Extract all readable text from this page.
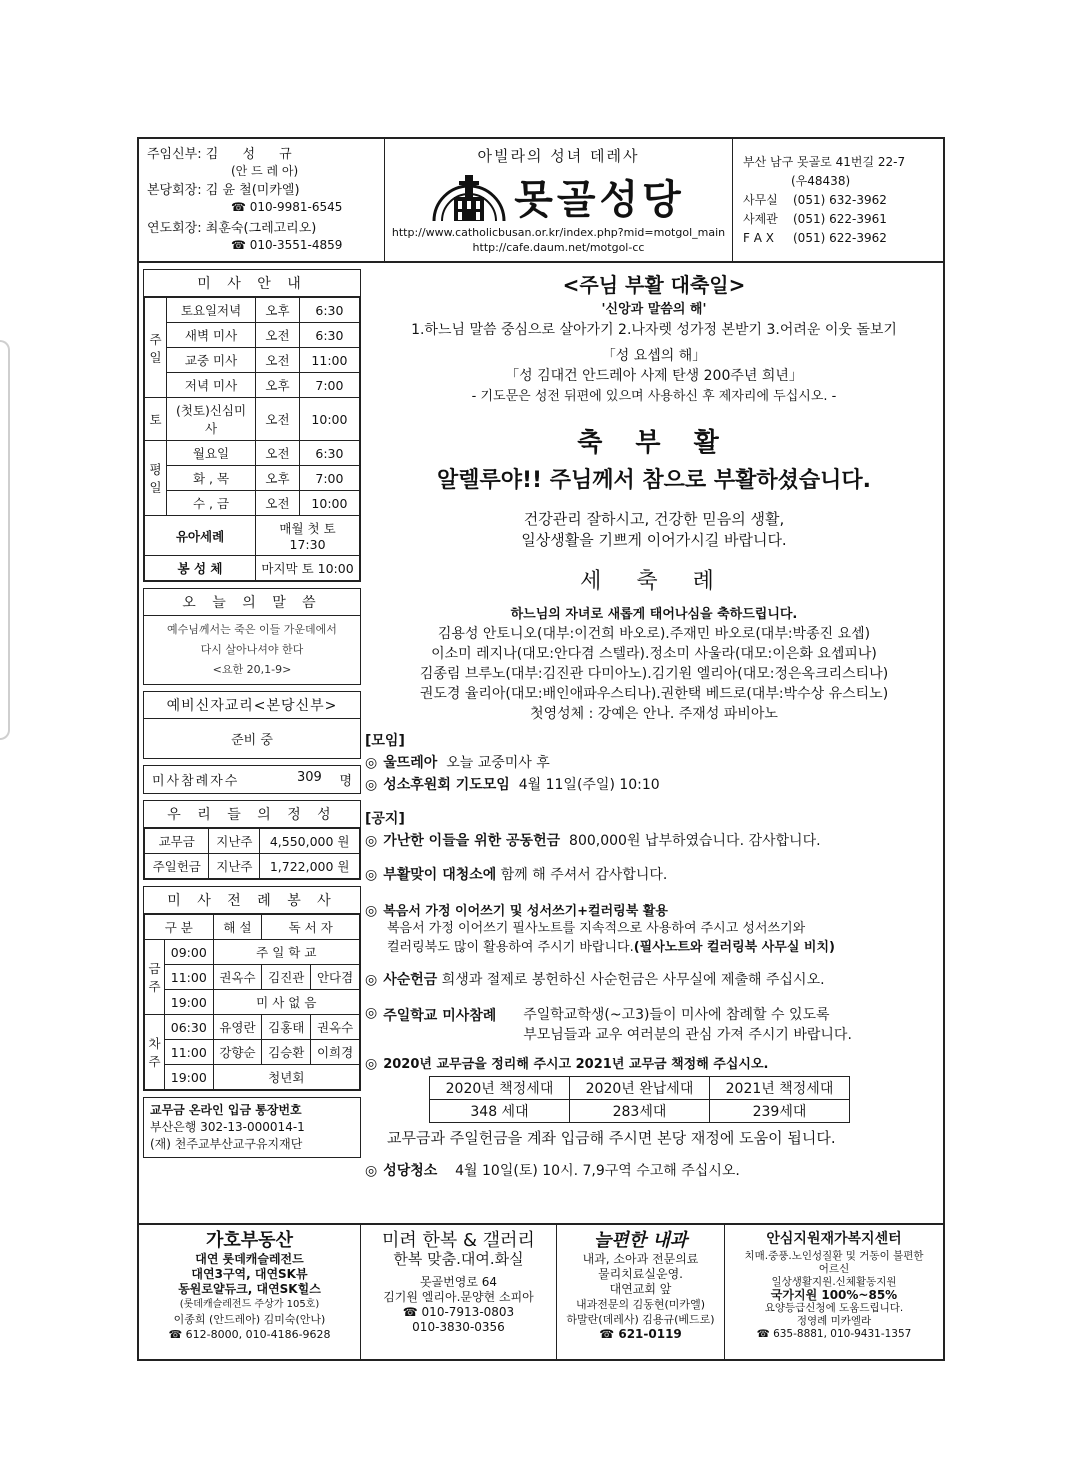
주임신부:
김 성 규
(안 드 레 아)
본당회장:
김 윤 철(미카엘)
☎ 010-9981-6545
연도회장:
최훈숙(그레고리오)
☎ 010-3551-4859
아빌라의 성녀 데레사
못골성당
http://www.catholicbusan.or.kr/index.php?mid=motgol_main
http://cafe.daum.net/motgol-cc
부산 남구 못골로 41번길 22-7
(우48438)
사무실 (051) 632-3962
사제관 (051) 622-3961
F A X (051) 622-3962
미 사 안 내
주일	토요일저녁	오후	6:30
	새벽 미사	오전	6:30
	교중 미사	오전	11:00
	저녁 미사	오후	7:00
토	(첫토)신심미사	오전	10:00
평일	월요일	오전	6:30
	화 , 목	오후	7:00
	수 , 금	오전	10:00
유아세례		매월 첫 토 17:30	
봉 성 체		마지막 토 10:00	
오 늘 의 말 씀
예수님께서는 죽은 이들 가운데에서
다시 살아나셔야 한다
<요한 20,1-9>
예비신자교리<본당신부>
준비 중
미사참례자수	309	명
우 리 들 의 정 성
교무금	지난주	4,550,000 원
주일헌금	지난주	1,722,000 원
미 사 전 례 봉 사
구 분		해 설	독 서 자	
금주	09:00	주 일 학 교		
	11:00	권옥수	김진관	안다겸
	19:00	미 사 없 음		
차주	06:30	유영란	김홍태	권옥수
	11:00	강향순	김승환	이희경
	19:00	청년회		
교무금 온라인 입금 통장번호
부산은행 302-13-000014-1
(재) 천주교부산교구유지재단
<주님 부활 대축일>
'신앙과 말씀의 해'
1.하느님 말씀 중심으로 살아가기 2.나자렛 성가정 본받기 3.어려운 이웃 돌보기
「성 요셉의 해」
「성 김대건 안드레아 사제 탄생 200주년 희년」
- 기도문은 성전 뒤편에 있으며 사용하신 후 제자리에 두십시오. -
축 부 활
알렐루야!! 주님께서 참으로 부활하셨습니다.
건강관리 잘하시고, 건강한 믿음의 생활,
일상생활을 기쁘게 이어가시길 바랍니다.
세 축 례
하느님의 자녀로 새롭게 태어나심을 축하드립니다.
김용성 안토니오(대부:이건희 바오로).주재민 바오로(대부:박종진 요셉)
이소미 레지나(대모:안다겸 스텔라).정소미 사울라(대모:이은화 요셉피나)
김종림 브루노(대부:김진관 다미아노).김기원 엘리아(대모:정은옥크리스티나)
권도경 율리아(대모:배인애파우스티나).권한택 베드로(대부:박수상 유스티노)
첫영성체 : 강예은 안나. 주재성 파비아노
[모임]
◎ 울뜨레아 오늘 교중미사 후
◎ 성소후원회 기도모임 4월 11일(주일) 10:10
[공지]
◎ 가난한 이들을 위한 공동헌금 800,000원 납부하였습니다. 감사합니다.
◎ 부활맞이 대청소에 함께 해 주셔서 감사합니다.
◎ 복음서 가정 이어쓰기 및 성서쓰기+컬러링북 활용
복음서 가정 이어쓰기 필사노트를 지속적으로 사용하여 주시고 성서쓰기와
컬러링북도 많이 활용하여 주시기 바랍니다.(필사노트와 컬러링북 사무실 비치)
◎ 사순헌금 희생과 절제로 봉헌하신 사순헌금은 사무실에 제출해 주십시오.
◎ 주일학교 미사참례	주일학교학생(~고3)들이 미사에 참례할 수 있도록
부모님들과 교우 여러분의 관심 가져 주시기 바랍니다.
◎ 2020년 교무금을 정리해 주시고 2021년 교무금 책정해 주십시오.
2020년 책정세대	2020년 완납세대	2021년 책정세대
348 세대	283세대	239세대
교무금과 주일헌금을 계좌 입금해 주시면 본당 재정에 도움이 됩니다.
◎ 성당청소 4월 10일(토) 10시. 7,9구역 수고해 주십시오.
가호부동산
대연 롯데캐슬레전드
대연3구역, 대연SK뷰
동원로얄듀크, 대연SK힐스
(롯데캐슬레전드 주상가 105호)
이종희 (안드레아) 김미숙(안나)
☎ 612-8000, 010-4186-9628
미려 한복 & 갤러리
한복 맞춤.대여.화실
못골번영로 64
김기원 엘리아.문양현 소피아
☎ 010-7913-0803
010-3830-0356
늘편한 내과
내과, 소아과 전문의료
물리치료실운영.
대연교회 앞
내과전문의 김동현(미카엘)
하말란(데레사) 김용규(베드로)
☎ 621-0119
안심지원재가복지센터
치매.중풍.노인성질환 및 거동이 불편한
어르신
일상생활지원.신체활동지원
국가지원 100%~85%
요양등급신청에 도움드립니다.
정영례 미카엘라
☎ 635-8881, 010-9431-1357
